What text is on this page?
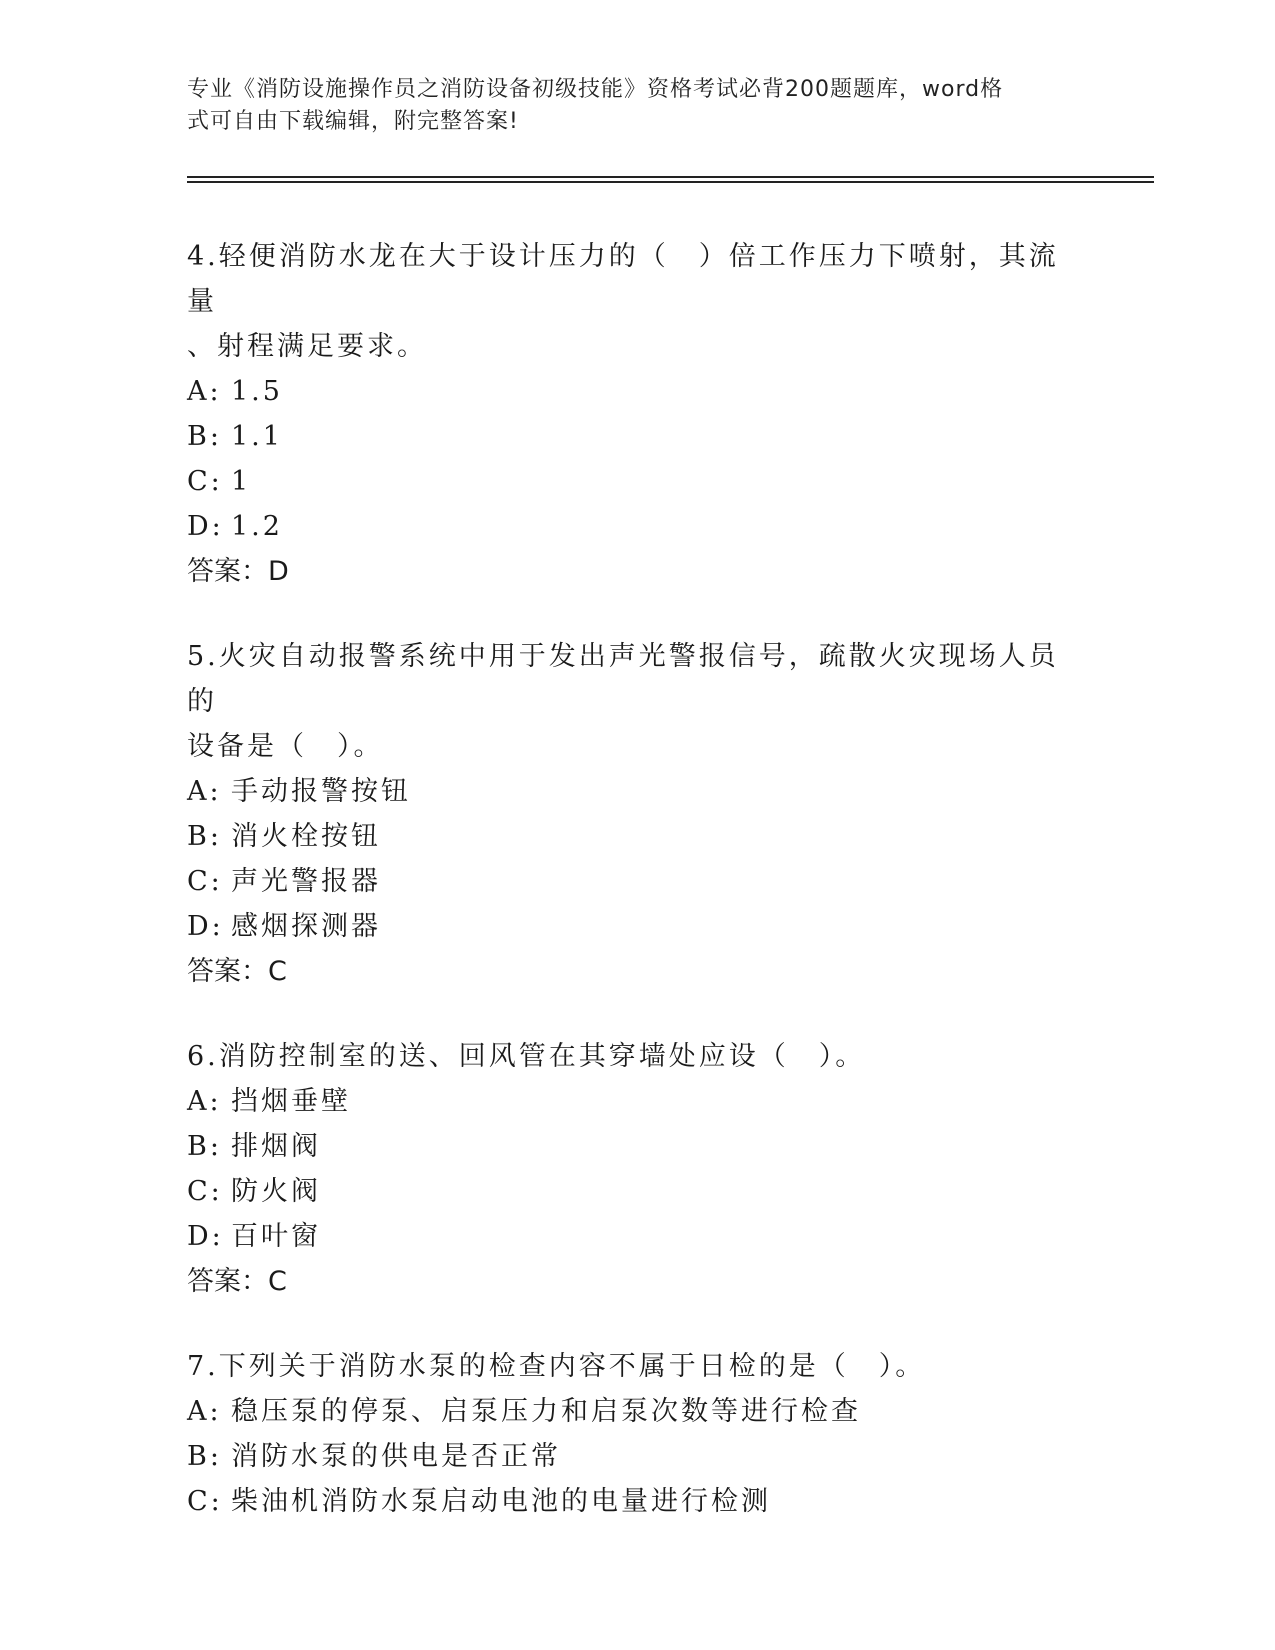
专业《消防设施操作员之消防设备初级技能》资格考试必背200题题库，word格
式可自由下载编辑，附完整答案!

4.轻便消防水龙在大于设计压力的（　）倍工作压力下喷射，其流量

、射程满足要求。

A: 1.5

B: 1.1

C: 1

D: 1.2

答案：D

5.火灾自动报警系统中用于发出声光警报信号，疏散火灾现场人员的

设备是（　）。

A: 手动报警按钮

B: 消火栓按钮

C: 声光警报器

D: 感烟探测器

答案：C

6.消防控制室的送、回风管在其穿墙处应设（　）。

A: 挡烟垂壁

B: 排烟阀

C: 防火阀

D: 百叶窗

答案：C

7.下列关于消防水泵的检查内容不属于日检的是（　）。

A: 稳压泵的停泵、启泵压力和启泵次数等进行检查

B: 消防水泵的供电是否正常

C: 柴油机消防水泵启动电池的电量进行检测
